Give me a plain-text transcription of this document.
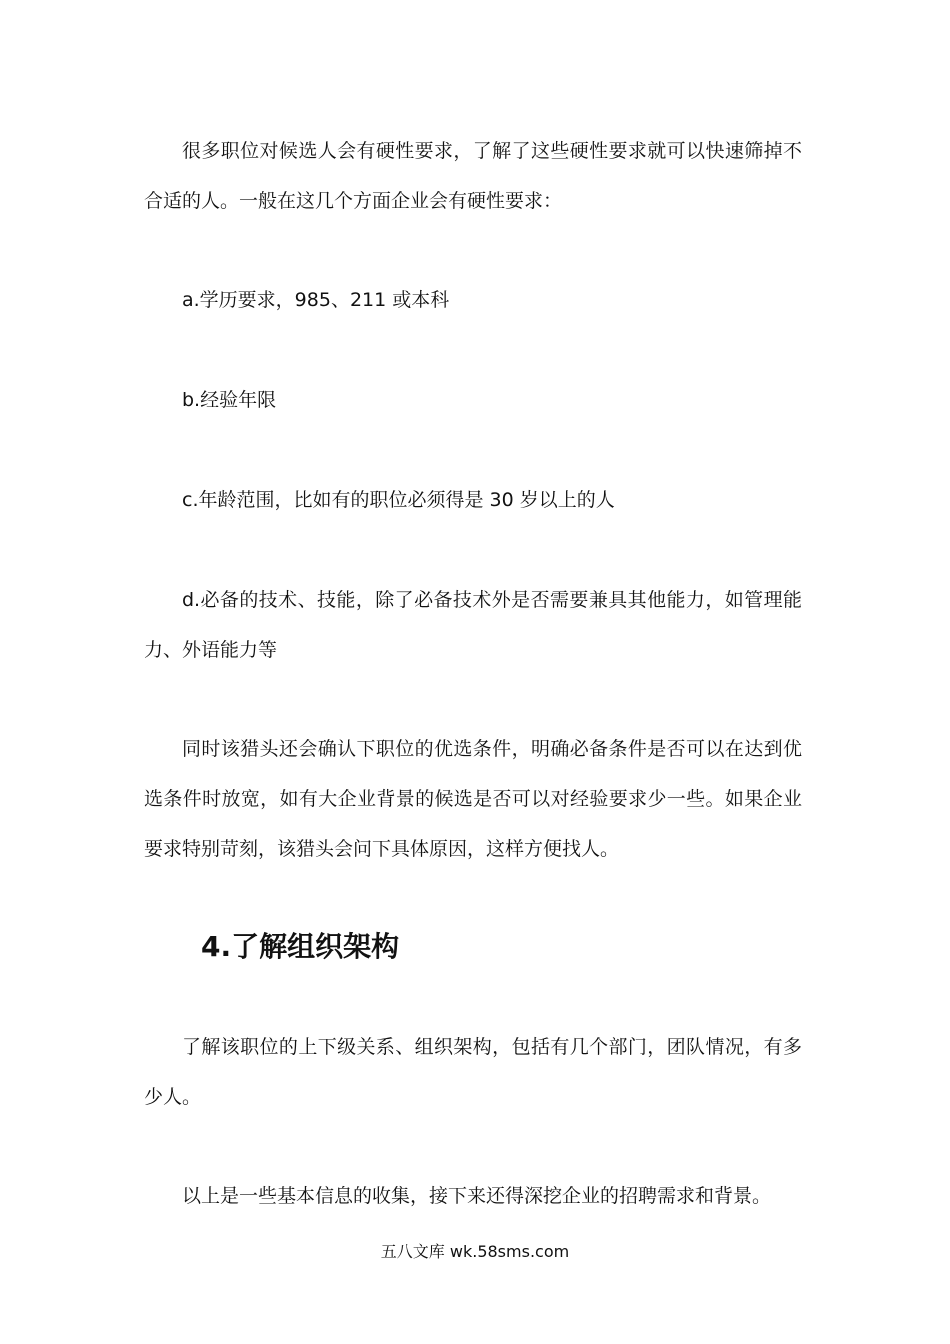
很多职位对候选人会有硬性要求，了解了这些硬性要求就可以快速筛掉不合适的人。一般在这几个方面企业会有硬性要求：

a.学历要求，985、211 或本科

b.经验年限

c.年龄范围，比如有的职位必须得是 30 岁以上的人

d.必备的技术、技能，除了必备技术外是否需要兼具其他能力，如管理能力、外语能力等

同时该猎头还会确认下职位的优选条件，明确必备条件是否可以在达到优选条件时放宽，如有大企业背景的候选是否可以对经验要求少一些。如果企业要求特别苛刻，该猎头会问下具体原因，这样方便找人。

4.了解组织架构

了解该职位的上下级关系、组织架构，包括有几个部门，团队情况，有多少人。

以上是一些基本信息的收集，接下来还得深挖企业的招聘需求和背景。

五八文库 wk.58sms.com
